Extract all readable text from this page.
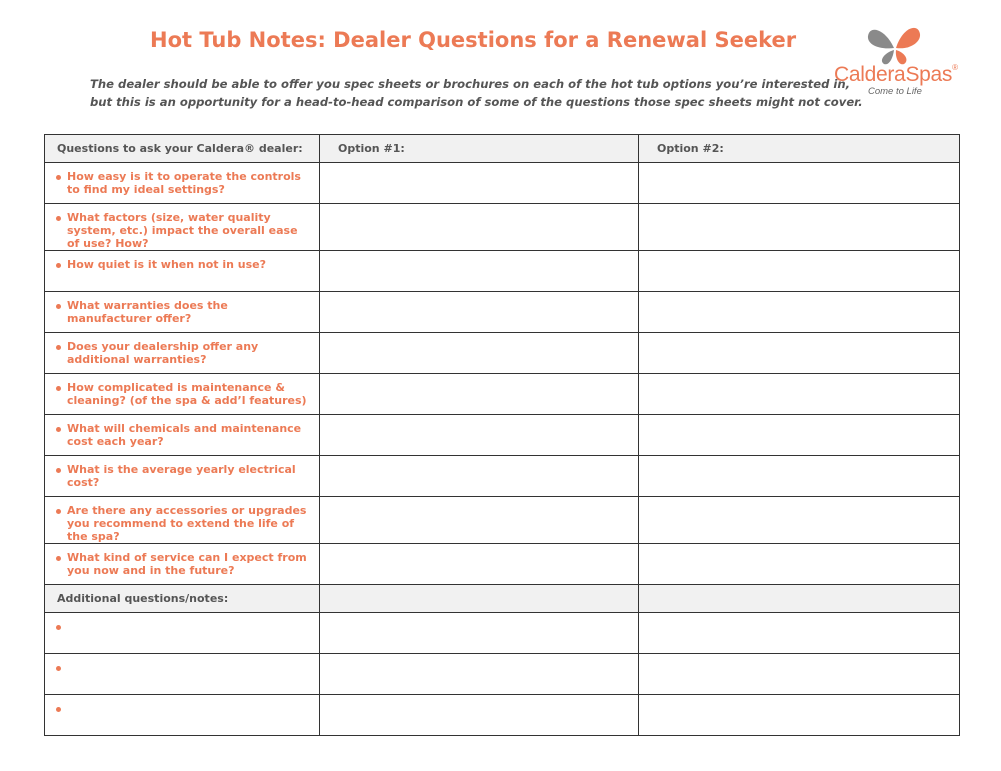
Hot Tub Notes: Dealer Questions for a Renewal Seeker
The dealer should be able to offer you spec sheets or brochures on each of the hot tub options you’re interested in,
but this is an opportunity for a head-to-head comparison of some of the questions those spec sheets might not cover.
CalderaSpas®
Come to Life
Questions to ask your Caldera® dealer:	Option #1:	Option #2:

How easy is it to operate the controls to find my ideal settings?		

What factors (size, water quality system, etc.) impact the overall ease of use? How?		

How quiet is it when not in use?		

What warranties does the manufacturer offer?		

Does your dealership offer any additional warranties?		

How complicated is maintenance & cleaning? (of the spa & add’l features)		

What will chemicals and maintenance cost each year?		

What is the average yearly electrical cost?		

Are there any accessories or upgrades you recommend to extend the life of the spa?		

What kind of service can I expect from you now and in the future?		

Additional questions/notes:		
